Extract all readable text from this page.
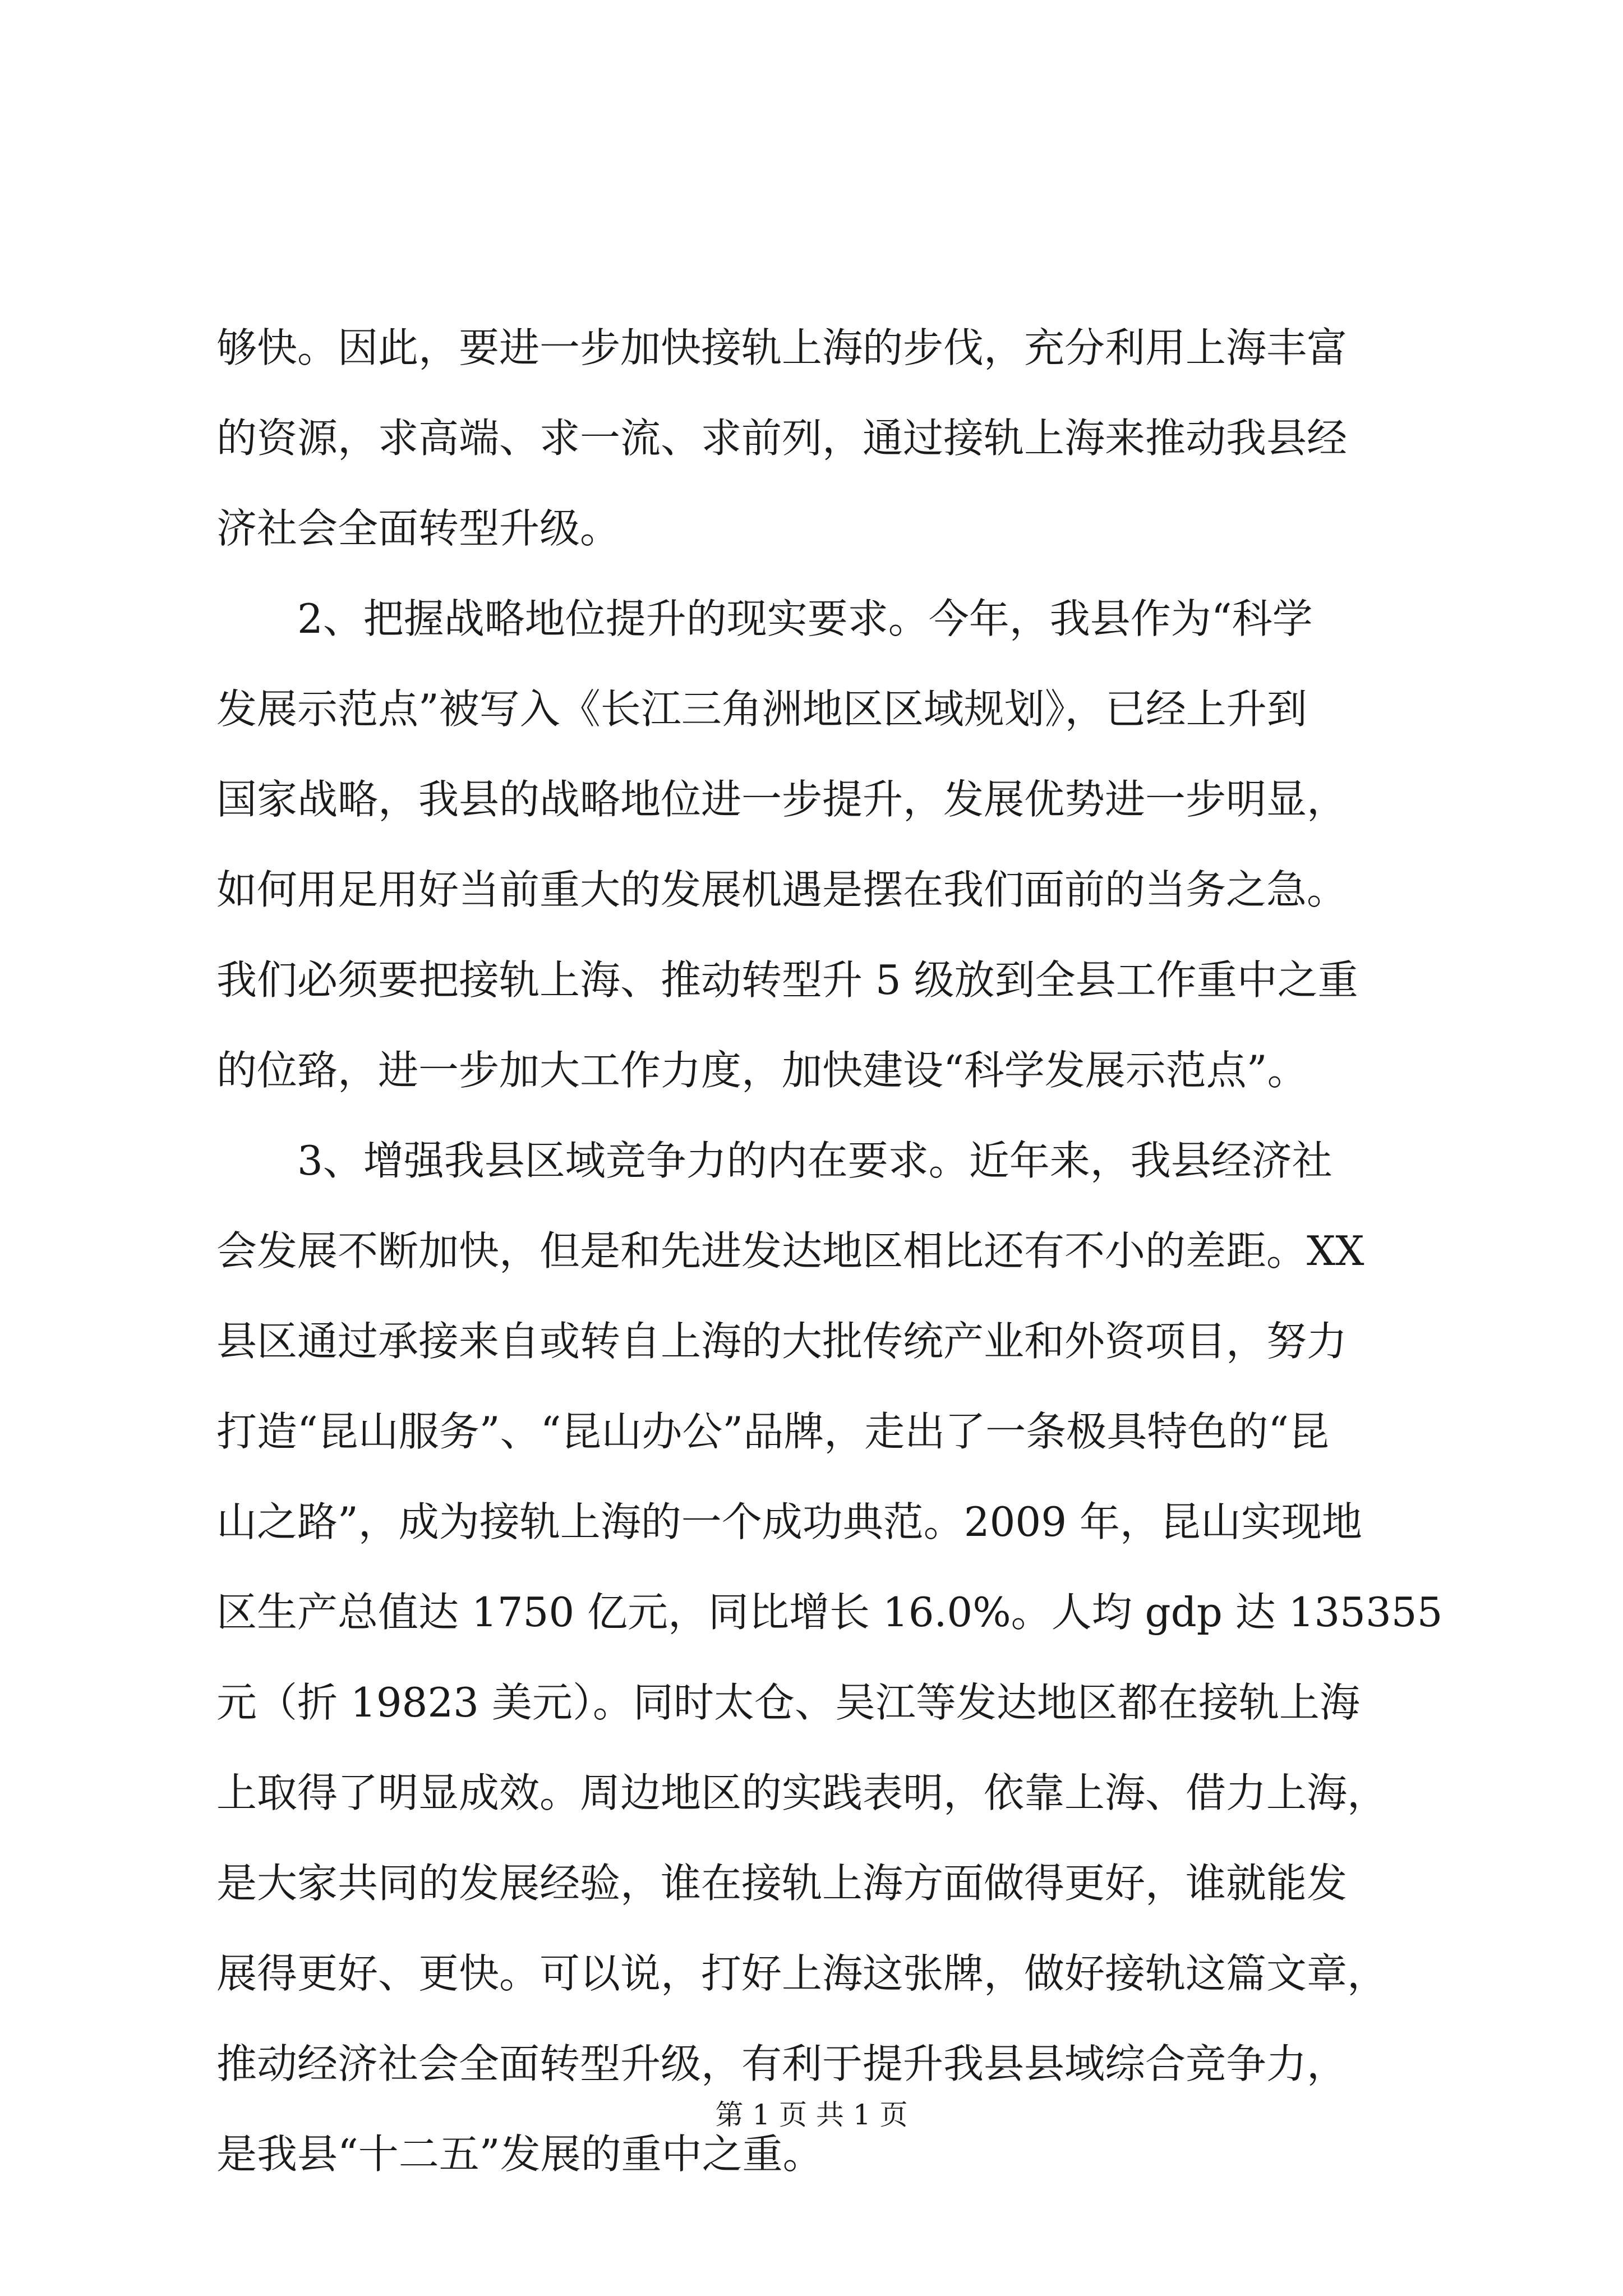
够快。因此，要进一步加快接轨上海的步伐，充分利用上海丰富
的资源，求高端、求一流、求前列，通过接轨上海来推动我县经
济社会全面转型升级。
2、把握战略地位提升的现实要求。今年，我县作为“科学
发展示范点”被写入《长江三角洲地区区域规划》，已经上升到
国家战略，我县的战略地位进一步提升，发展优势进一步明显，
如何用足用好当前重大的发展机遇是摆在我们面前的当务之急。
我们必须要把接轨上海、推动转型升 5 级放到全县工作重中之重
的位臵，进一步加大工作力度，加快建设“科学发展示范点”。
3、增强我县区域竞争力的内在要求。近年来，我县经济社
会发展不断加快，但是和先进发达地区相比还有不小的差距。XX
县区通过承接来自或转自上海的大批传统产业和外资项目，努力
打造“昆山服务”、“昆山办公”品牌，走出了一条极具特色的“昆
山之路”，成为接轨上海的一个成功典范。2009 年，昆山实现地
区生产总值达 1750 亿元，同比增长 16.0%。人均 gdp 达 135355
元（折 19823 美元）。同时太仓、吴江等发达地区都在接轨上海
上取得了明显成效。周边地区的实践表明，依靠上海、借力上海，
是大家共同的发展经验，谁在接轨上海方面做得更好，谁就能发
展得更好、更快。可以说，打好上海这张牌，做好接轨这篇文章，
推动经济社会全面转型升级，有利于提升我县县域综合竞争力，
是我县“十二五”发展的重中之重。
第 1 页 共 1 页
